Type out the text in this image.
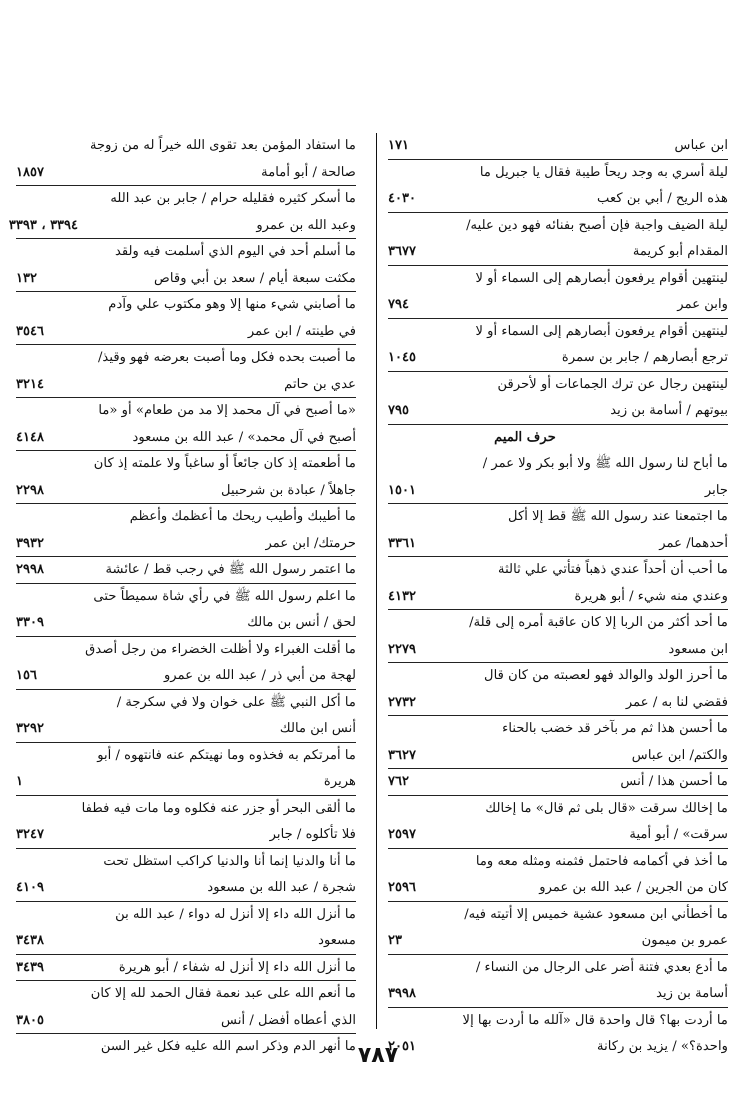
ابن عباس
١٧١
ليلة أسري به وجد ريحاً طيبة فقال يا جبريل ما
هذه الريح / أبي بن كعب
٤٠٣٠
ليلة الضيف واجبة فإن أصبح بفنائه فهو دين عليه/
المقدام أبو كريمة
٣٦٧٧
لينتهين أقوام يرفعون أبصارهم إلى السماء أو لا
وابن عمر
٧٩٤
لينتهين أقوام يرفعون أبصارهم إلى السماء أو لا
ترجع أبصارهم / جابر بن سمرة
١٠٤٥
لينتهين رجال عن ترك الجماعات أو لأحرقن
بيوتهم / أسامة بن زيد
٧٩٥
حرف الميم
ما أباح لنا رسول الله ﷺ ولا أبو بكر ولا عمر /
جابر
١٥٠١
ما اجتمعنا عند رسول الله ﷺ قط إلا أكل
أحدهما/ عمر
٣٣٦١
ما أحب أن أحداً عندي ذهباً فتأتي علي ثالثة
وعندي منه شيء / أبو هريرة
٤١٣٢
ما أحد أكثر من الربا إلا كان عاقبة أمره إلى قلة/
ابن مسعود
٢٢٧٩
ما أحرز الولد والوالد فهو لعصبته من كان قال
فقضي لنا به / عمر
٢٧٣٢
ما أحسن هذا ثم مر بآخر قد خضب بالحناء
والكتم/ ابن عباس
٣٦٢٧
ما أحسن هذا / أنس
٧٦٢
ما إخالك سرقت «قال بلى ثم قال» ما إخالك
سرقت» / أبو أمية
٢٥٩٧
ما أخذ في أكمامه فاحتمل فثمنه ومثله معه وما
كان من الجرين / عبد الله بن عمرو
٢٥٩٦
ما أخطأني ابن مسعود عشية خميس إلا أتيته فيه/
عمرو بن ميمون
٢٣
ما أدع بعدي فتنة أضر على الرجال من النساء /
أسامة بن زيد
٣٩٩٨
ما أردت بها؟ قال واحدة قال «آلله ما أردت بها إلا
واحدة؟» / يزيد بن ركانة
٢٠٥١
ما استفاد المؤمن بعد تقوى الله خيراً له من زوجة
صالحة / أبو أمامة
١٨٥٧
ما أسكر كثيره فقليله حرام / جابر بن عبد الله
وعبد الله بن عمرو
٣٣٩٤ ، ٣٣٩٣
ما أسلم أحد في اليوم الذي أسلمت فيه ولقد
مكثت سبعة أيام / سعد بن أبي وقاص
١٣٢
ما أصابني شيء منها إلا وهو مكتوب علي وآدم
في طينته / ابن عمر
٣٥٤٦
ما أصبت بحده فكل وما أصبت بعرضه فهو وقيذ/
عدي بن حاتم
٣٢١٤
«ما أصبح في آل محمد إلا مد من طعام» أو «ما
أصبح في آل محمد» / عبد الله بن مسعود
٤١٤٨
ما أطعمته إذ كان جائعاً أو ساغباً ولا علمته إذ كان
جاهلاً / عبادة بن شرحبيل
٢٢٩٨
ما أطيبك وأطيب ريحك ما أعظمك وأعظم
حرمتك/ ابن عمر
٣٩٣٢
ما اعتمر رسول الله ﷺ في رجب قط / عائشة
٢٩٩٨
ما اعلم رسول الله ﷺ في رأي شاة سميطاً حتى
لحق / أنس بن مالك
٣٣٠٩
ما أقلت الغبراء ولا أظلت الخضراء من رجل أصدق
لهجة من أبي ذر / عبد الله بن عمرو
١٥٦
ما أكل النبي ﷺ على خوان ولا في سكرجة /
أنس ابن مالك
٣٢٩٢
ما أمرتكم به فخذوه وما نهيتكم عنه فانتهوه / أبو
هريرة
١
ما ألقى البحر أو جزر عنه فكلوه وما مات فيه فطفا
فلا تأكلوه / جابر
٣٢٤٧
ما أنا والدنيا إنما أنا والدنيا كراكب استظل تحت
شجرة / عبد الله بن مسعود
٤١٠٩
ما أنزل الله داء إلا أنزل له دواء / عبد الله بن
مسعود
٣٤٣٨
ما أنزل الله داء إلا أنزل له شفاء / أبو هريرة
٣٤٣٩
ما أنعم الله على عبد نعمة فقال الحمد لله إلا كان
الذي أعطاه أفضل / أنس
٣٨٠٥
ما أنهر الدم وذكر اسم الله عليه فكل غير السن ٧٨٧
